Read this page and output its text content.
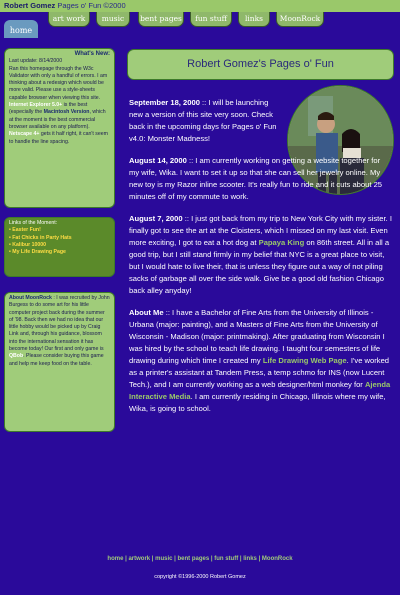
Robert Gomez Pages o' Fun ©2000
home
art work	music	bent pages	fun stuff	links	MoonRock
What's New:
Last update: 8/14/2000
Ran this homepage through the W3c Validator with only a handful of errors. I am thinking about a redesign which would be more valid. Please use a style-sheets capable browser when viewing this site. Internet Explorer 5.0+ is the best (especially the Macintosh Version, which at the moment is the best commercial browser available on any platform). Netscape 4+ gets it half right, it can't seem to handle the line spacing.
Links of the Moment:
• Easter Fun!
• Fat Chicks in Party Hats
• Kalibur 10000
• My Life Drawing Page
About MoonRock : I was recruited by John Burgess to do some art for his little computer project back during the summer of '98. Back then we had no idea that our little hobby would be picked up by Craig Link and, through his guidance, blossom into the international sensation it has become today! Our first and only game is QBob. Please consider buying this game and help me keep food on the table.
Robert Gomez's Pages o' Fun

September 18, 2000 :: I will be launching new a version of this site very soon. Check back in the upcoming days for Pages o' Fun v4.0: Monster Madness!

August 14, 2000 :: I am currently working on getting a website together for my wife, Wika. I want to set it up so that she can sell her jewelry online. My new toy is my Razor inline scooter. It's really fun to ride and it cuts about 25 minutes off of my commute to work.

August 7, 2000 :: I just got back from my trip to New York City with my sister. I finally got to see the art at the Cloisters, which I missed on my last visit. Even more exciting, I got to eat a hot dog at Papaya King on 86th street. All in all a good trip, but I still stand firmly in my belief that NYC is a great place to visit, but I would hate to live their, that is unless they figure out a way of not piling sacks of garbage all over the side walk. Give be a good old fashion Chicago back alley anyday!

About Me :: I have a Bachelor of Fine Arts from the University of Illinois - Urbana (major: painting), and a Masters of Fine Arts from the University of Wisconsin - Madison (major: printmaking). After graduating from Wisconsin I was hired by the school to teach life drawing. I taught four semesters of life drawing during which time I created my Life Drawing Web Page. I've worked as a printer's assistant at Tandem Press, a temp schmo for INS (now Lucent Tech.), and I am currently working as a web designer/html monkey for Ajenda Interactive Media. I am currently residing in Chicago, Illinois where my wife, Wika, is going to school.

home | artwork | music | bent pages | fun stuff | links | MoonRock
copyright ©1996-2000 Robert Gomez
